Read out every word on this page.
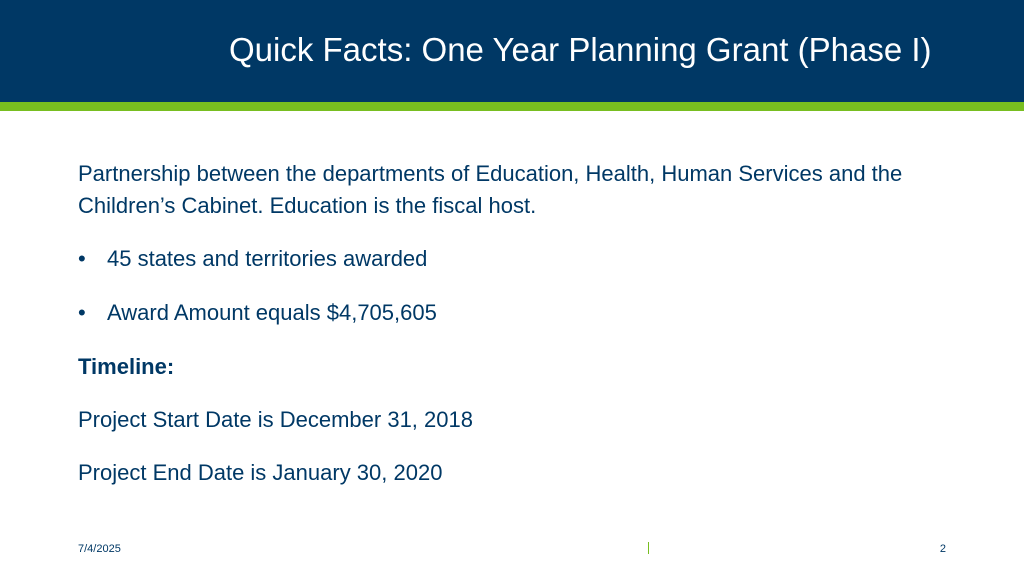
Quick Facts: One Year Planning Grant (Phase I)

Partnership between the departments of Education, Health, Human Services and the Children’s Cabinet. Education is the fiscal host.

• 45 states and territories awarded
• Award Amount equals $4,705,605

Timeline:

Project Start Date is December 31, 2018

Project End Date is January 30, 2020

7/4/2025	2
